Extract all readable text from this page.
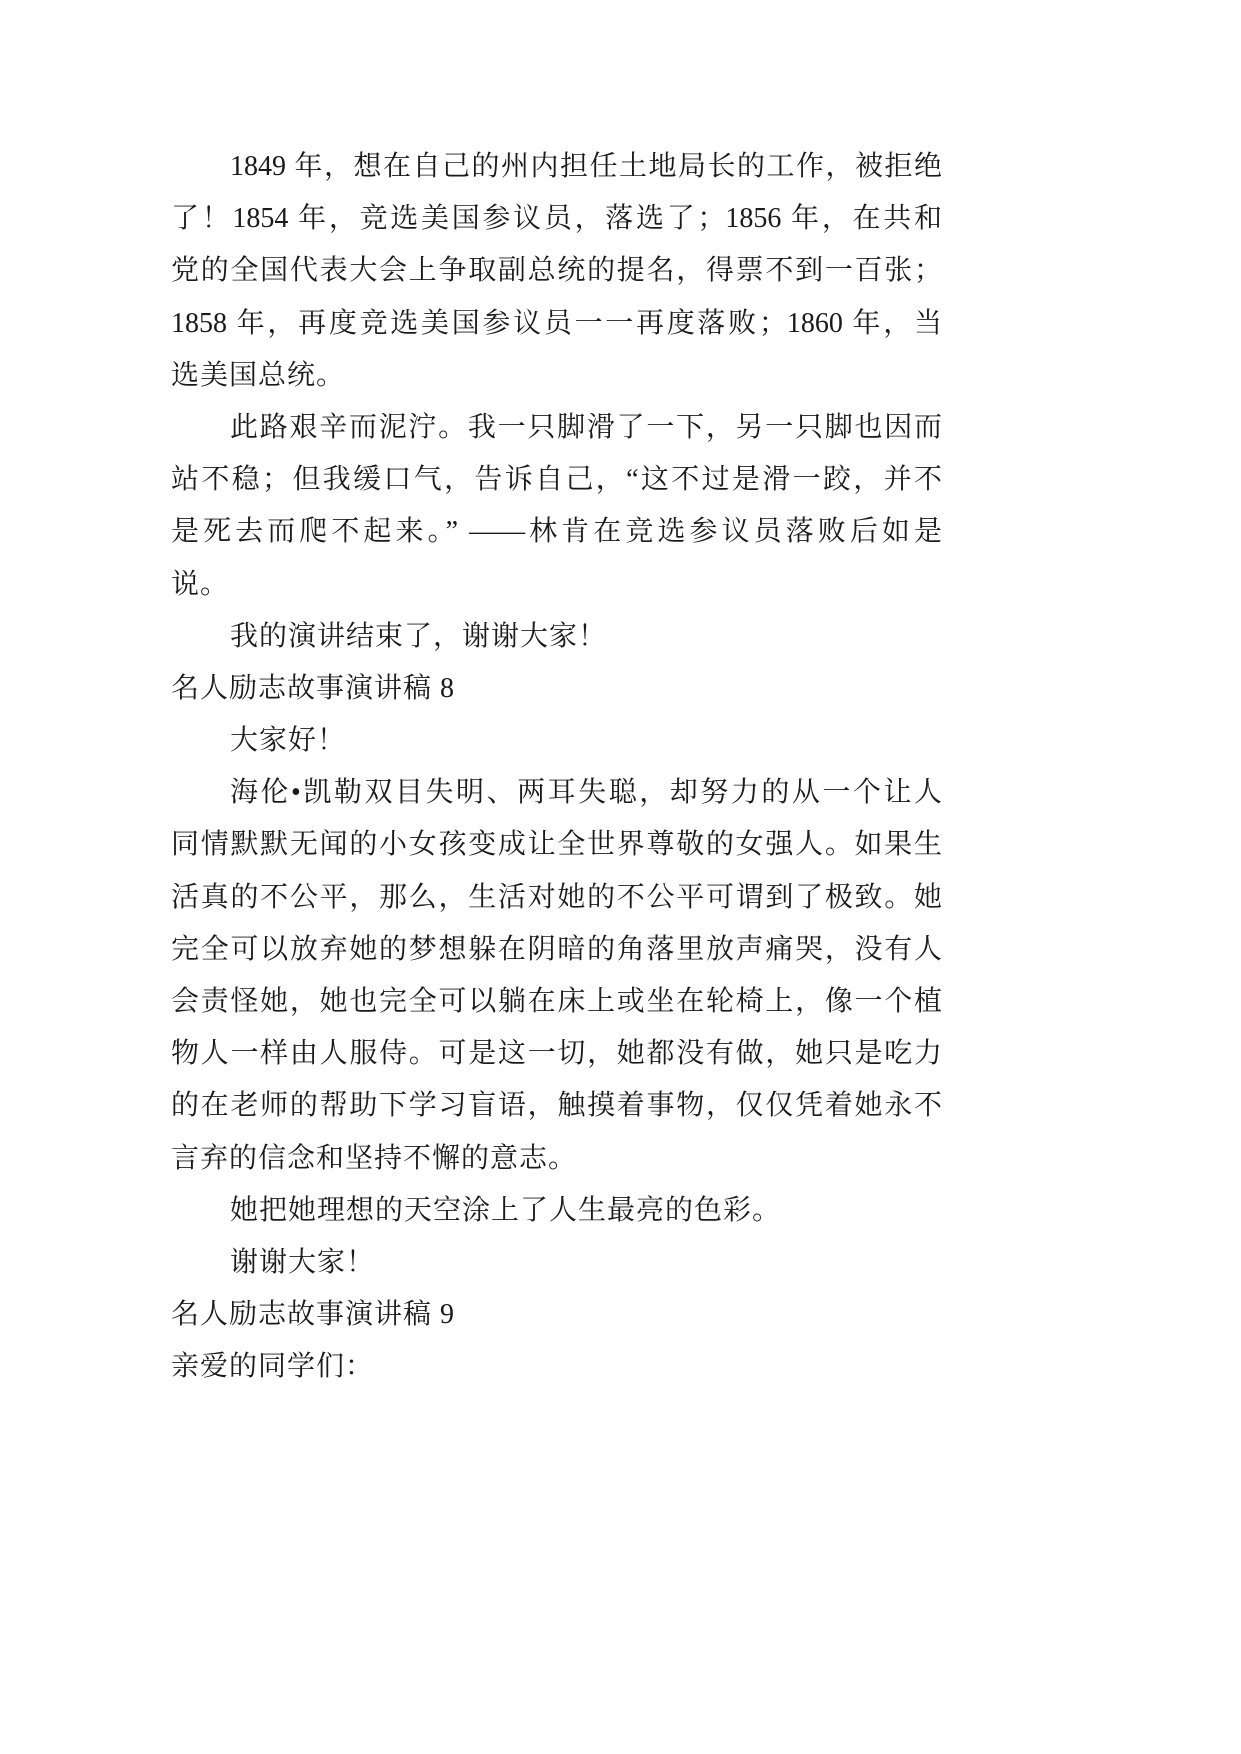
1849 年，想在自己的州内担任土地局长的工作，被拒绝
了！1854 年，竞选美国参议员，落选了；1856 年，在共和
党的全国代表大会上争取副总统的提名，得票不到一百张；
1858 年，再度竞选美国参议员一一再度落败；1860 年，当
选美国总统。
此路艰辛而泥泞。我一只脚滑了一下，另一只脚也因而
站不稳；但我缓口气，告诉自己，“这不过是滑一跤，并不
是死去而爬不起来。” ——林肯在竞选参议员落败后如是
说。
我的演讲结束了，谢谢大家！
名人励志故事演讲稿 8
大家好！
海伦•凯勒双目失明、两耳失聪，却努力的从一个让人
同情默默无闻的小女孩变成让全世界尊敬的女强人。如果生
活真的不公平，那么，生活对她的不公平可谓到了极致。她
完全可以放弃她的梦想躲在阴暗的角落里放声痛哭，没有人
会责怪她，她也完全可以躺在床上或坐在轮椅上，像一个植
物人一样由人服侍。可是这一切，她都没有做，她只是吃力
的在老师的帮助下学习盲语，触摸着事物，仅仅凭着她永不
言弃的信念和坚持不懈的意志。
她把她理想的天空涂上了人生最亮的色彩。
谢谢大家！
名人励志故事演讲稿 9
亲爱的同学们：
